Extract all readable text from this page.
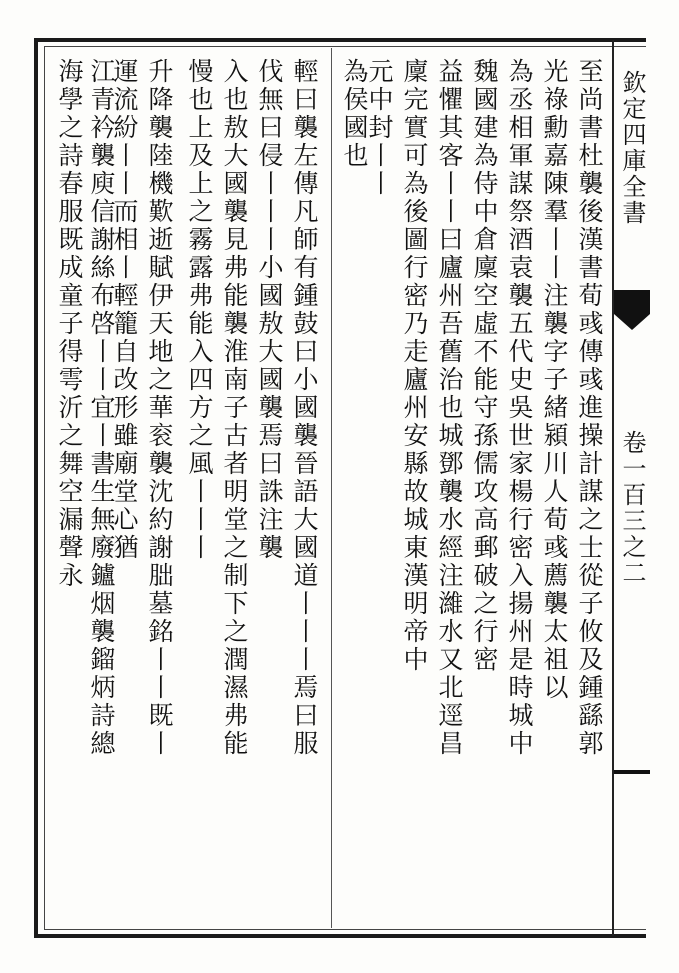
欽定四庫全書
卷一百三之二
至尚書杜襲後漢書荀彧傳彧進操計謀之士從子攸及鍾繇郭
光祿勳嘉陳羣丨丨注襲字子緒潁川人荀彧薦襲太祖以
為丞相軍謀祭酒袁襲五代史吳世家楊行密入揚州是時城中
魏國建為侍中倉廩空虛不能守孫儒攻高郵破之行密
益懼其客丨丨曰廬州吾舊治也城鄧襲水經注濰水又北逕昌
廩完實可為後圖行密乃走廬州安縣故城東漢明帝中
元中封丨丨
為侯國也
輕曰襲左傳凡師有鍾鼓曰小國襲晉語大國道丨丨丨焉曰服
伐無曰侵丨丨丨小國敖大國襲焉曰誅注襲
入也敖大國襲見弗能襲淮南子古者明堂之制下之潤濕弗能
慢也上及上之霧露弗能入四方之風丨丨丨
升降襲陸機歎逝賦伊天地之華衮襲沈約謝朏墓銘丨丨既丨
運流紛丨丨而相丨輕籠自改形雖廟堂心猶
江青衿襲庾信謝絲布啓丨丨宜丨書生無廢鑪烟襲鎦炳詩總
海學之詩春服既成童子得雩沂之舞空漏聲永
